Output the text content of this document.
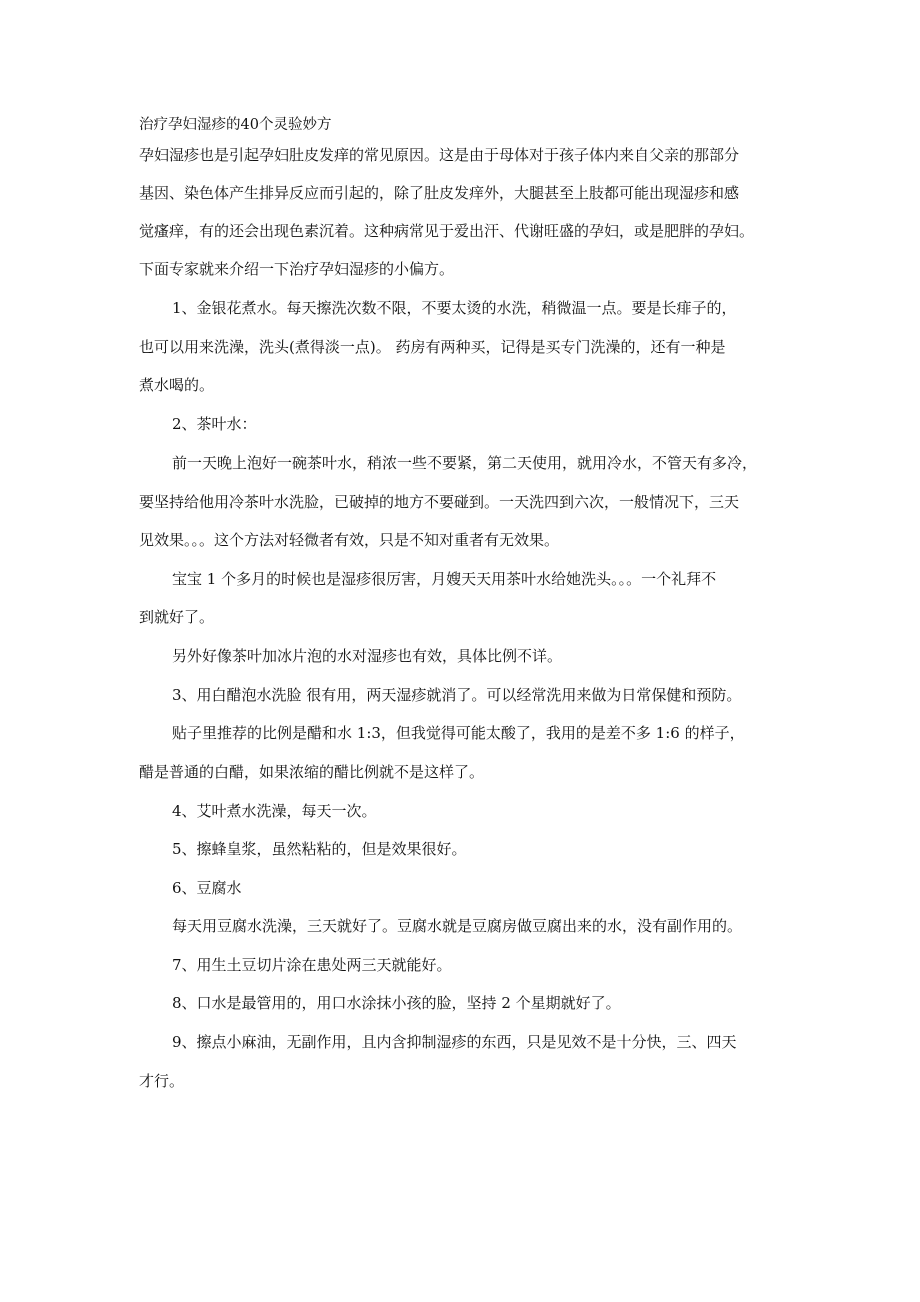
治疗孕妇湿疹的40个灵验妙方
孕妇湿疹也是引起孕妇肚皮发痒的常见原因。这是由于母体对于孩子体内来自父亲的那部分
基因、染色体产生排异反应而引起的，除了肚皮发痒外，大腿甚至上肢都可能出现湿疹和感
觉瘙痒，有的还会出现色素沉着。这种病常见于爱出汗、代谢旺盛的孕妇，或是肥胖的孕妇。
下面专家就来介绍一下治疗孕妇湿疹的小偏方。
1、金银花煮水。每天擦洗次数不限，不要太烫的水洗，稍微温一点。要是长痱子的，
也可以用来洗澡，洗头(煮得淡一点)。 药房有两种买，记得是买专门洗澡的，还有一种是
煮水喝的。
2、茶叶水：
前一天晚上泡好一碗茶叶水，稍浓一些不要紧，第二天使用，就用冷水，不管天有多冷，
要坚持给他用冷茶叶水洗脸，已破掉的地方不要碰到。一天洗四到六次，一般情况下，三天
见效果。。。这个方法对轻微者有效，只是不知对重者有无效果。
宝宝 1 个多月的时候也是湿疹很厉害，月嫂天天用茶叶水给她洗头。。。一个礼拜不
到就好了。
另外好像茶叶加冰片泡的水对湿疹也有效，具体比例不详。
3、用白醋泡水洗脸 很有用，两天湿疹就消了。可以经常洗用来做为日常保健和预防。
贴子里推荐的比例是醋和水 1:3，但我觉得可能太酸了，我用的是差不多 1:6 的样子，
醋是普通的白醋，如果浓缩的醋比例就不是这样了。
4、艾叶煮水洗澡，每天一次。
5、擦蜂皇浆，虽然粘粘的，但是效果很好。
6、豆腐水
每天用豆腐水洗澡，三天就好了。豆腐水就是豆腐房做豆腐出来的水，没有副作用的。
7、用生土豆切片涂在患处两三天就能好。
8、口水是最管用的，用口水涂抹小孩的脸，坚持 2 个星期就好了。
9、擦点小麻油，无副作用，且内含抑制湿疹的东西，只是见效不是十分快，三、四天
才行。
